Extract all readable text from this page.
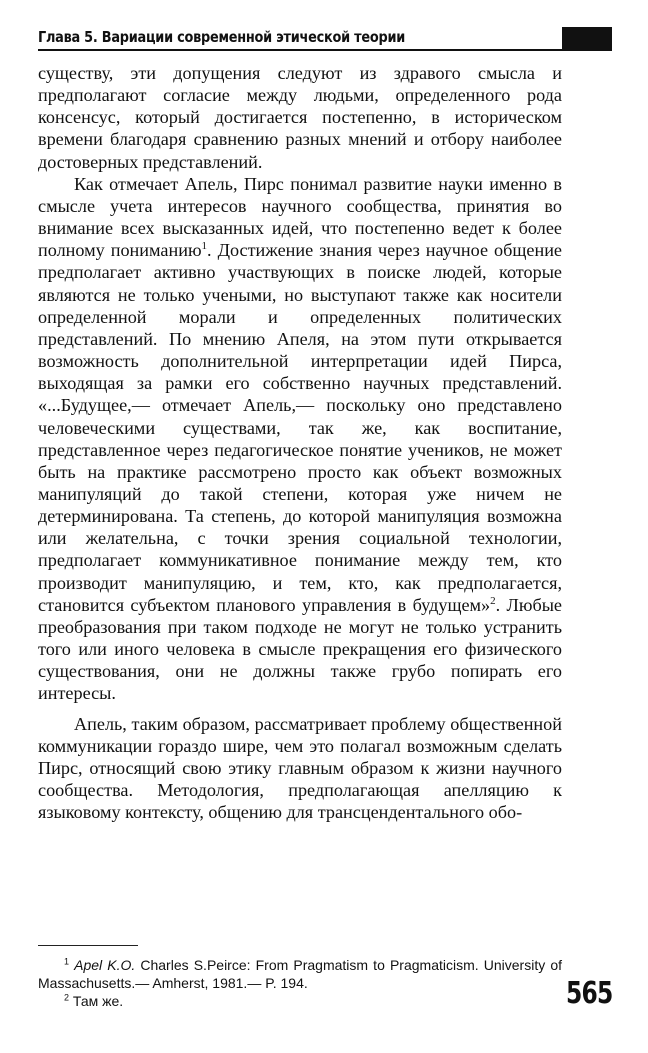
Глава 5. Вариации современной этической теории

существу, эти допущения следуют из здравого смысла и предполагают согласие между людьми, определенного рода консенсус, который достигается постепенно, в историческом времени благодаря сравнению разных мнений и отбору наиболее достоверных представлений.

Как отмечает Апель, Пирс понимал развитие науки именно в смысле учета интересов научного сообщества, принятия во внимание всех высказанных идей, что постепенно ведет к более полному пониманию$^1$. Достижение знания через научное общение предполагает активно участвующих в поиске людей, которые являются не только учеными, но выступают также как носители определенной морали и определенных политических представлений. По мнению Апеля, на этом пути открывается возможность дополнительной интерпретации идей Пирса, выходящая за рамки его собственно научных представлений. «...Будущее,— отмечает Апель,— поскольку оно представлено человеческими существами, так же, как воспитание, представленное через педагогическое понятие учеников, не может быть на практике рассмотрено просто как объект возможных манипуляций до такой степени, которая уже ничем не детерминирована. Та степень, до которой манипуляция возможна или желательна, с точки зрения социальной технологии, предполагает коммуникативное понимание между тем, кто производит манипуляцию, и тем, кто, как предполагается, становится субъектом планового управления в будущем»$^2$. Любые преобразования при таком подходе не могут не только устранить того или иного человека в смысле прекращения его физического существования, они не должны также грубо попирать его интересы.

Апель, таким образом, рассматривает проблему общественной коммуникации гораздо шире, чем это полагал возможным сделать Пирс, относящий свою этику главным образом к жизни научного сообщества. Методология, предполагающая апелляцию к языковому контексту, общению для трансцендентального обо-

$^1$ Apel K.O. Charles S.Peirce: From Pragmatism to Pragmaticism. University of Massachusetts.— Amherst, 1981.— P. 194.

$^2$ Там же.	565
